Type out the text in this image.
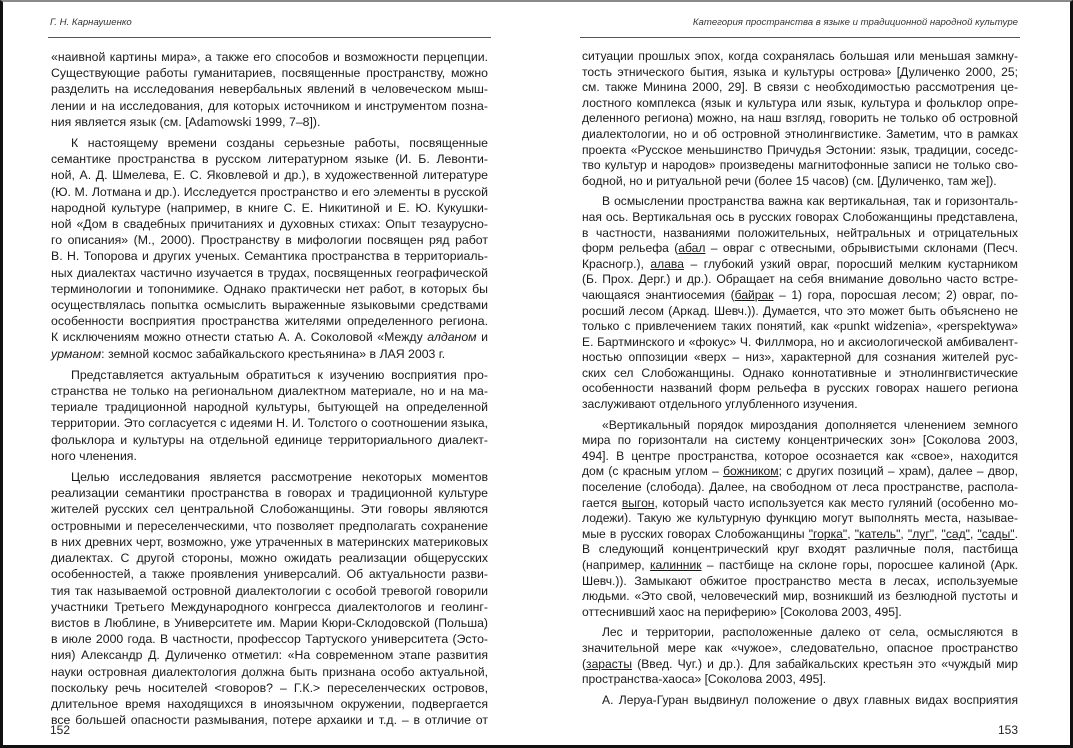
Г. Н. Карнаушенко
«наивной картины мира», а также его способов и возможности перцепции.
Существующие работы гуманитариев, посвященные пространству, можно
разделить на исследования невербальных явлений в человеческом мыш-
лении и на исследования, для которых источником и инструментом позна-
ния является язык (см. [Adamowski 1999, 7–8]).
К настоящему времени созданы серьезные работы, посвященные
семантике пространства в русском литературном языке (И. Б. Левонти-
ной, А. Д. Шмелева, Е. С. Яковлевой и др.), в художественной литературе
(Ю. М. Лотмана и др.). Исследуется пространство и его элементы в русской
народной культуре (например, в книге С. Е. Никитиной и Е. Ю. Кукушки-
ной «Дом в свадебных причитаниях и духовных стихах: Опыт тезаурусно-
го описания» (М., 2000). Пространству в мифологии посвящен ряд работ
В. Н. Топорова и других ученых. Семантика пространства в территориаль-
ных диалектах частично изучается в трудах, посвященных географической
терминологии и топонимике. Однако практически нет работ, в которых бы
осуществлялась попытка осмыслить выраженные языковыми средствами
особенности восприятия пространства жителями определенного региона.
К исключениям можно отнести статью А. А. Соколовой «Между алданом и
урманом: земной космос забайкальского крестьянина» в ЛАЯ 2003 г.
Представляется актуальным обратиться к изучению восприятия про-
странства не только на региональном диалектном материале, но и на ма-
териале традиционной народной культуры, бытующей на определенной
территории. Это согласуется с идеями Н. И. Толстого о соотношении языка,
фольклора и культуры на отдельной единице территориального диалект-
ного членения.
Целью исследования является рассмотрение некоторых моментов
реализации семантики пространства в говорах и традиционной культуре
жителей русских сел центральной Слобожанщины. Эти говоры являются
островными и переселенческими, что позволяет предполагать сохранение
в них древних черт, возможно, уже утраченных в материнских материковых
диалектах. С другой стороны, можно ожидать реализации общерусских
особенностей, а также проявления универсалий. Об актуальности разви-
тия так называемой островной диалектологии с особой тревогой говорили
участники Третьего Международного конгресса диалектологов и геолинг-
вистов в Люблине, в Университете им. Марии Кюри-Склодовской (Польша)
в июле 2000 года. В частности, профессор Тартуского университета (Эсто-
ния) Александр Д. Дуличенко отметил: «На современном этапе развития
науки островная диалектология должна быть признана особо актуальной,
поскольку речь носителей <говоров? – Г.К.> переселенческих островов,
длительное время находящихся в иноязычном окружении, подвергается
все большей опасности размывания, потере архаики и т.д. – в отличие от
152
Категория пространства в языке и традиционной народной культуре
ситуации прошлых эпох, когда сохранялась большая или меньшая замкну-
тость этнического бытия, языка и культуры острова» [Дуличенко 2000, 25;
см. также Минина 2000, 29]. В связи с необходимостью рассмотрения це-
лостного комплекса (язык и культура или язык, культура и фольклор опре-
деленного региона) можно, на наш взгляд, говорить не только об островной
диалектологии, но и об островной этнолингвистике. Заметим, что в рамках
проекта «Русское меньшинство Причудья Эстонии: язык, традиции, соседс-
тво культур и народов» произведены магнитофонные записи не только сво-
бодной, но и ритуальной речи (более 15 часов) (см. [Дуличенко, там же]).
В осмыслении пространства важна как вертикальная, так и горизонталь-
ная ось. Вертикальная ось в русских говорах Слобожанщины представлена,
в частности, названиями положительных, нейтральных и отрицательных
форм рельефа (абал – овраг с отвесными, обрывистыми склонами (Песч.
Красногр.), алава – глубокий узкий овраг, поросший мелким кустарником
(Б. Прох. Дерг.) и др.). Обращает на себя внимание довольно часто встре-
чающаяся энантиосемия (байрак – 1) гора, поросшая лесом; 2) овраг, по-
росший лесом (Аркад. Шевч.)). Думается, что это может быть объяснено не
только с привлечением таких понятий, как «punkt widzenia», «perspektywa»
Е. Бартминского и «фокус» Ч. Филлмора, но и аксиологической амбивалент-
ностью оппозиции «верх – низ», характерной для сознания жителей рус-
ских сел Слобожанщины. Однако коннотативные и этнолингвистические
особенности названий форм рельефа в русских говорах нашего региона
заслуживают отдельного углубленного изучения.
«Вертикальный порядок мироздания дополняется членением земного
мира по горизонтали на систему концентрических зон» [Соколова 2003,
494]. В центре пространства, которое осознается как «свое», находится
дом (с красным углом – божником; с других позиций – храм), далее – двор,
поселение (слобода). Далее, на свободном от леса пространстве, распола-
гается выгон, который часто используется как место гуляний (особенно мо-
лодежи). Такую же культурную функцию могут выполнять места, называе-
мые в русских говорах Слобожанщины "горка", "катель", "луг", "сад", "сады".
В следующий концентрический круг входят различные поля, пастбища
(например, калинник – пастбище на склоне горы, поросшее калиной (Арк.
Шевч.)). Замыкают обжитое пространство места в лесах, используемые
людьми. «Это свой, человеческий мир, возникший из безлюдной пустоты и
оттеснивший хаос на периферию» [Соколова 2003, 495].
Лес и территории, расположенные далеко от села, осмысляются в
значительной мере как «чужое», следовательно, опасное пространство
(зарасты (Введ. Чуг.) и др.). Для забайкальских крестьян это «чуждый мир
пространства-хаоса» [Соколова 2003, 495].
А. Леруа-Гуран выдвинул положение о двух главных видах восприятия
153
